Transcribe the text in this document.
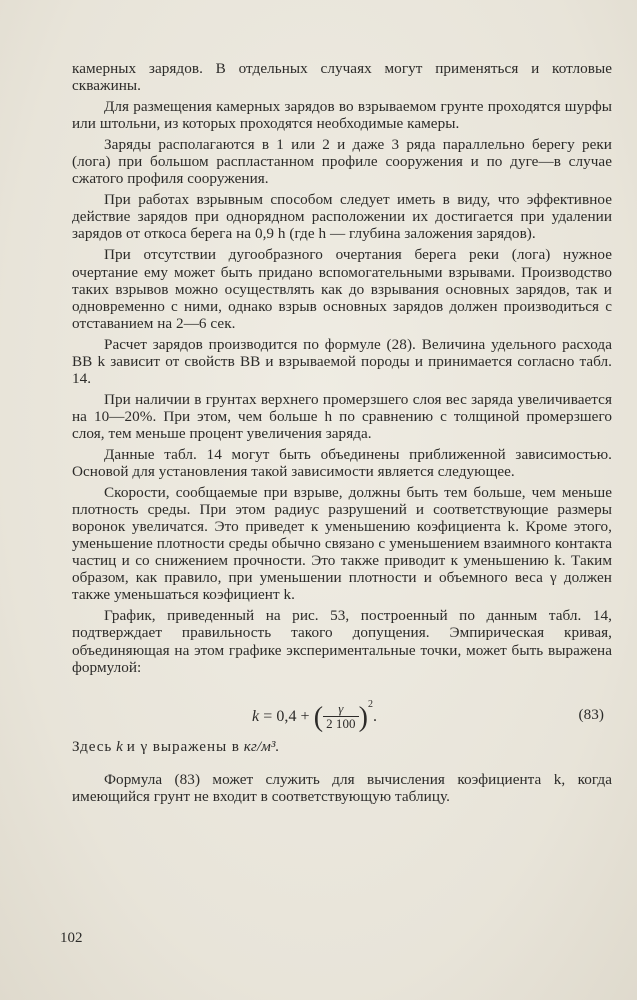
камерных зарядов. В отдельных случаях могут применяться и котловые скважины.

Для размещения камерных зарядов во взрываемом грунте проходятся шурфы или штольни, из которых проходятся необходимые камеры.

Заряды располагаются в 1 или 2 и даже 3 ряда параллельно берегу реки (лога) при большом распластанном профиле сооружения и по дуге—в случае сжатого профиля сооружения.

При работах взрывным способом следует иметь в виду, что эффективное действие зарядов при однорядном расположении их достигается при удалении зарядов от откоса берега на 0,9 h (где h — глубина заложения зарядов).

При отсутствии дугообразного очертания берега реки (лога) нужное очертание ему может быть придано вспомогательными взрывами. Производство таких взрывов можно осуществлять как до взрывания основных зарядов, так и одновременно с ними, однако взрыв основных зарядов должен производиться с отставанием на 2—6 сек.

Расчет зарядов производится по формуле (28). Величина удельного расхода ВВ k зависит от свойств ВВ и взрываемой породы и принимается согласно табл. 14.

При наличии в грунтах верхнего промерзшего слоя вес заряда увеличивается на 10—20%. При этом, чем больше h по сравнению с толщиной промерзшего слоя, тем меньше процент увеличения заряда.

Данные табл. 14 могут быть объединены приближенной зависимостью. Основой для установления такой зависимости является следующее.

Скорости, сообщаемые при взрыве, должны быть тем больше, чем меньше плотность среды. При этом радиус разрушений и соответствующие размеры воронок увеличатся. Это приведет к уменьшению коэфициента k. Кроме этого, уменьшение плотности среды обычно связано с уменьшением взаимного контакта частиц и со снижением прочности. Это также приводит к уменьшению k. Таким образом, как правило, при уменьшении плотности и объемного веса γ должен также уменьшаться коэфициент k.

График, приведенный на рис. 53, построенный по данным табл. 14, подтверждает правильность такого допущения. Эмпирическая кривая, объединяющая на этом графике экспериментальные точки, может быть выражена формулой:

k = 0,4 + ( $\frac{\gamma}{2 100} )^2$.	(83)

Здесь k и γ выражены в кг/м³.

Формула (83) может служить для вычисления коэфициента k, когда имеющийся грунт не входит в соответствующую таблицу.

102
